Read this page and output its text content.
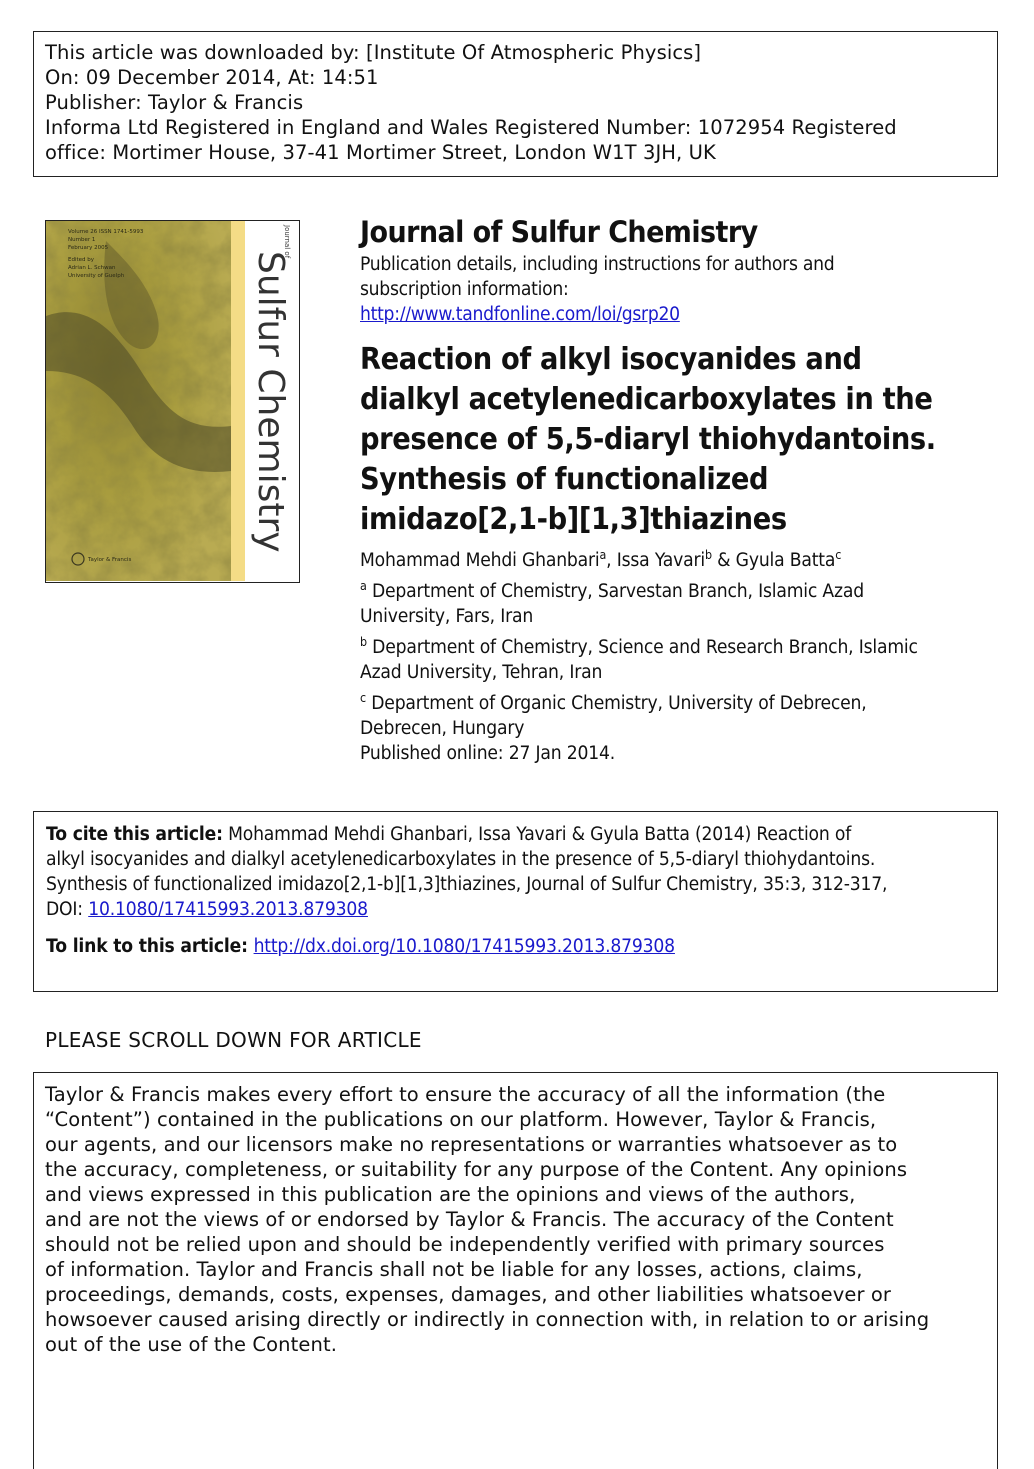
This article was downloaded by: [Institute Of Atmospheric Physics]
On: 09 December 2014, At: 14:51
Publisher: Taylor & Francis
Informa Ltd Registered in England and Wales Registered Number: 1072954 Registered
office: Mortimer House, 37-41 Mortimer Street, London W1T 3JH, UK
Volume 26 ISSN 1741-5993
Number 1
February 2005
Edited by
Adrian L. Schwan
University of Guelph
Journal of
Sulfur Chemistry
Taylor & Francis
Journal of Sulfur Chemistry
Publication details, including instructions for authors and
subscription information:
http://www.tandfonline.com/loi/gsrp20
Reaction of alkyl isocyanides and
dialkyl acetylenedicarboxylates in the
presence of 5,5-diaryl thiohydantoins.
Synthesis of functionalized
imidazo[2,1-b][1,3]thiazines
Mohammad Mehdi Ghanbari$^a$, Issa Yavari$^b$ & Gyula Batta$^c$
$^a$ Department of Chemistry, Sarvestan Branch, Islamic Azad
University, Fars, Iran
$^b$ Department of Chemistry, Science and Research Branch, Islamic
Azad University, Tehran, Iran
$^c$ Department of Organic Chemistry, University of Debrecen,
Debrecen, Hungary
Published online: 27 Jan 2014.
To cite this article: Mohammad Mehdi Ghanbari, Issa Yavari & Gyula Batta (2014) Reaction of
alkyl isocyanides and dialkyl acetylenedicarboxylates in the presence of 5,5-diaryl thiohydantoins.
Synthesis of functionalized imidazo[2,1-b][1,3]thiazines, Journal of Sulfur Chemistry, 35:3, 312-317,
DOI: 10.1080/17415993.2013.879308
To link to this article: http://dx.doi.org/10.1080/17415993.2013.879308
PLEASE SCROLL DOWN FOR ARTICLE
Taylor & Francis makes every effort to ensure the accuracy of all the information (the
“Content”) contained in the publications on our platform. However, Taylor & Francis,
our agents, and our licensors make no representations or warranties whatsoever as to
the accuracy, completeness, or suitability for any purpose of the Content. Any opinions
and views expressed in this publication are the opinions and views of the authors,
and are not the views of or endorsed by Taylor & Francis. The accuracy of the Content
should not be relied upon and should be independently verified with primary sources
of information. Taylor and Francis shall not be liable for any losses, actions, claims,
proceedings, demands, costs, expenses, damages, and other liabilities whatsoever or
howsoever caused arising directly or indirectly in connection with, in relation to or arising
out of the use of the Content.
